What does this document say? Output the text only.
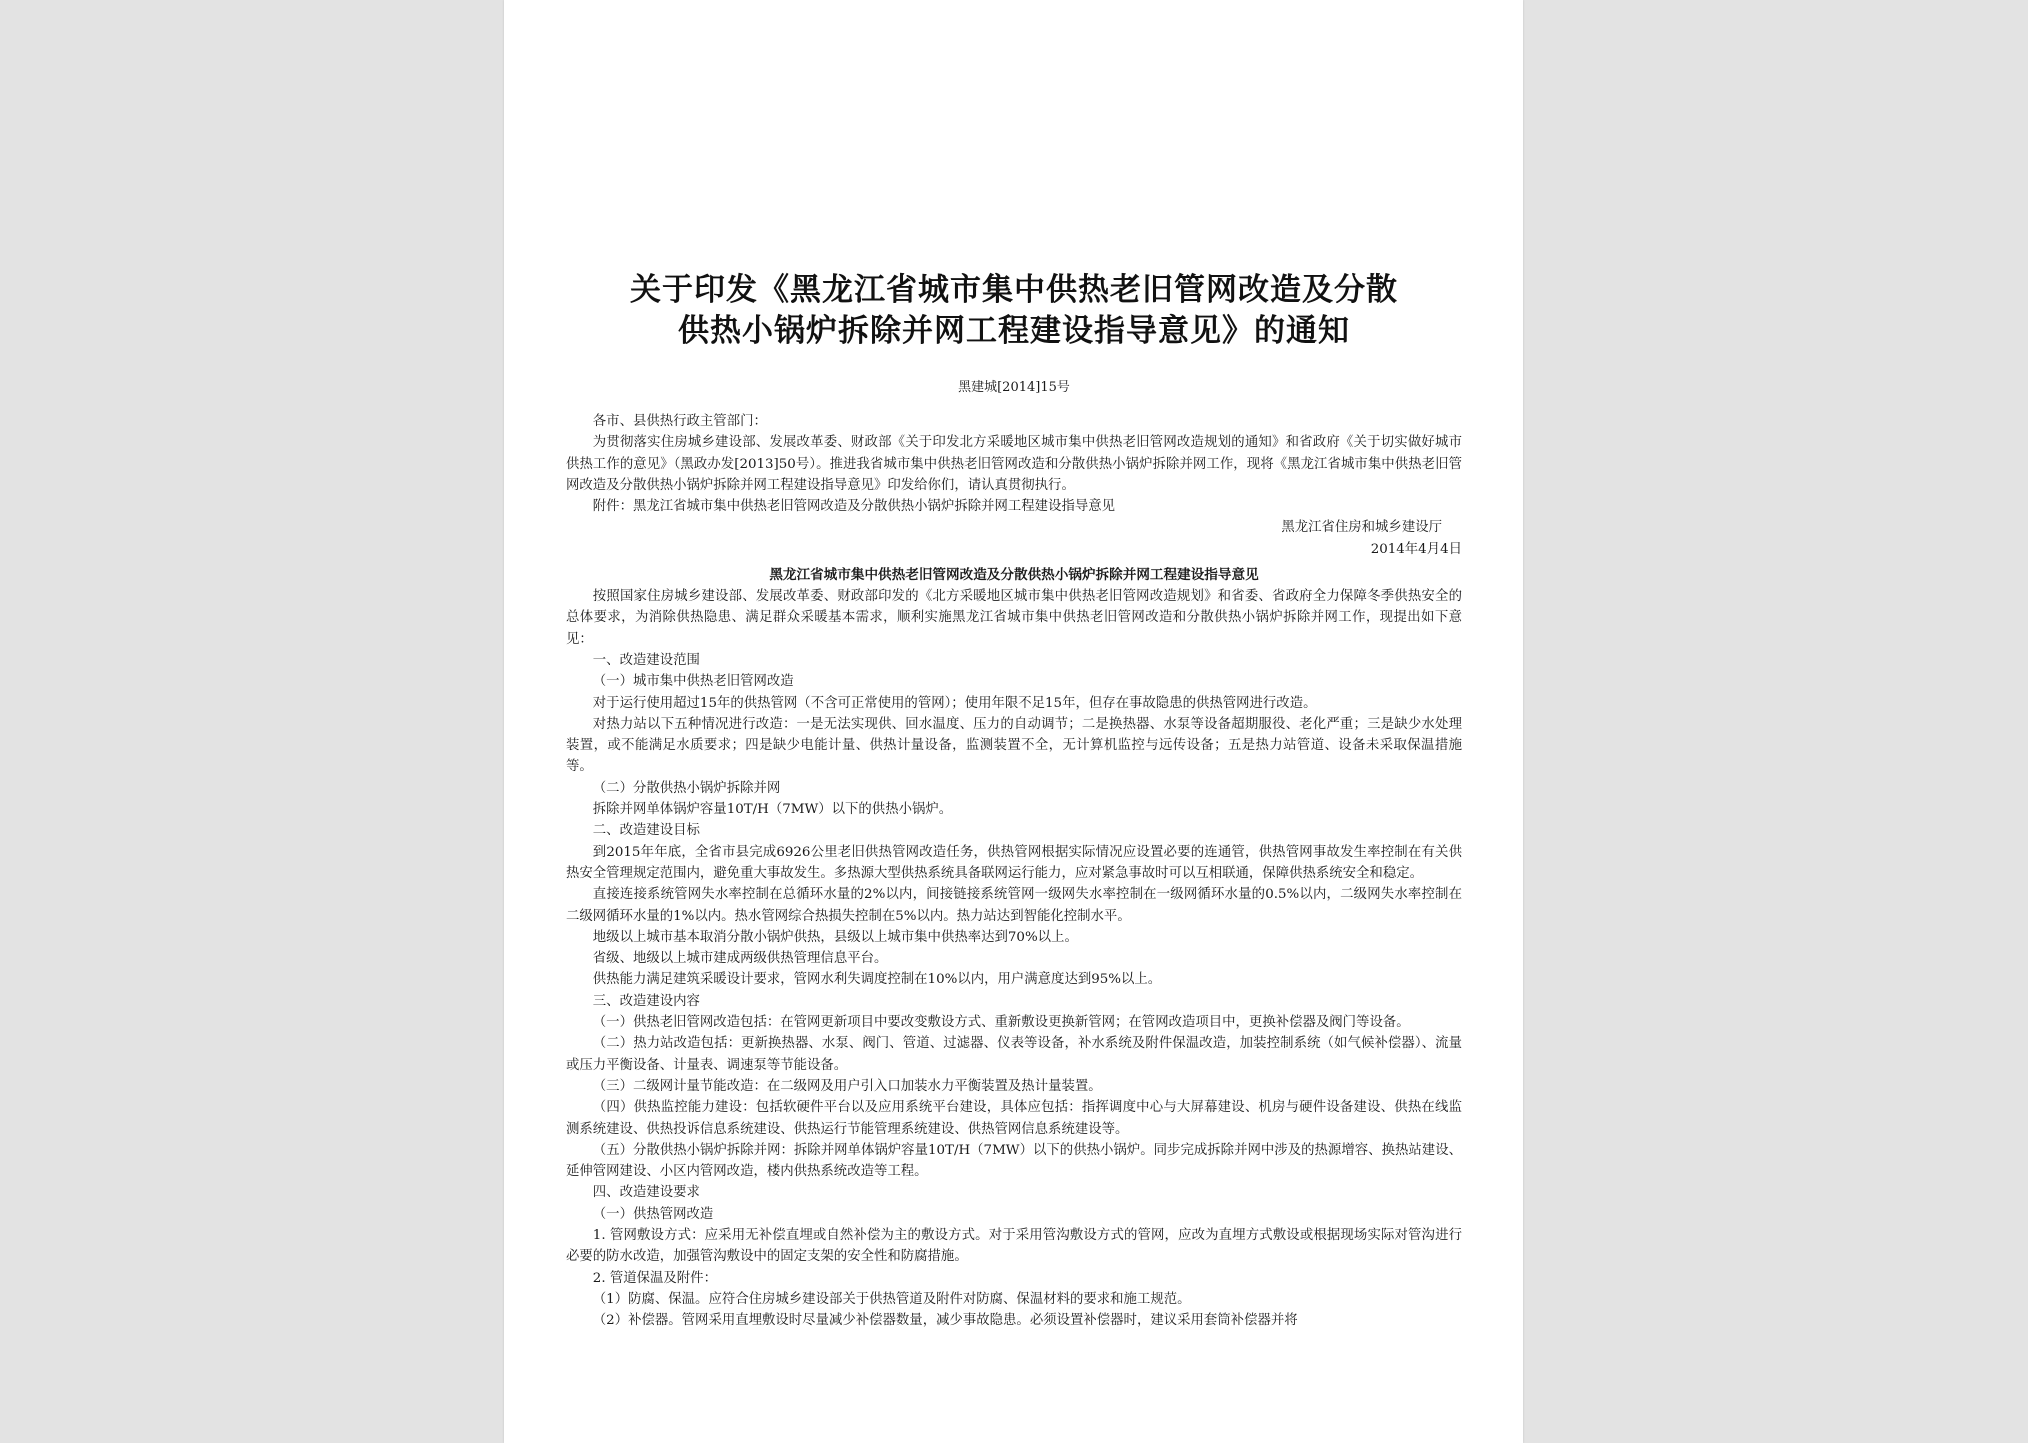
关于印发《黑龙江省城市集中供热老旧管网改造及分散
供热小锅炉拆除并网工程建设指导意见》的通知
黑建城[2014]15号

各市、县供热行政主管部门：

为贯彻落实住房城乡建设部、发展改革委、财政部《关于印发北方采暖地区城市集中供热老旧管网改造规划的通知》和省政府《关于切实做好城市供热工作的意见》（黑政办发[2013]50号）。推进我省城市集中供热老旧管网改造和分散供热小锅炉拆除并网工作，现将《黑龙江省城市集中供热老旧管网改造及分散供热小锅炉拆除并网工程建设指导意见》印发给你们，请认真贯彻执行。

附件：黑龙江省城市集中供热老旧管网改造及分散供热小锅炉拆除并网工程建设指导意见

黑龙江省住房和城乡建设厅

2014年4月4日

黑龙江省城市集中供热老旧管网改造及分散供热小锅炉拆除并网工程建设指导意见

按照国家住房城乡建设部、发展改革委、财政部印发的《北方采暖地区城市集中供热老旧管网改造规划》和省委、省政府全力保障冬季供热安全的总体要求，为消除供热隐患、满足群众采暖基本需求，顺利实施黑龙江省城市集中供热老旧管网改造和分散供热小锅炉拆除并网工作，现提出如下意见：

一、改造建设范围

（一）城市集中供热老旧管网改造

对于运行使用超过15年的供热管网（不含可正常使用的管网）；使用年限不足15年，但存在事故隐患的供热管网进行改造。

对热力站以下五种情况进行改造：一是无法实现供、回水温度、压力的自动调节；二是换热器、水泵等设备超期服役、老化严重；三是缺少水处理装置，或不能满足水质要求；四是缺少电能计量、供热计量设备，监测装置不全，无计算机监控与远传设备；五是热力站管道、设备未采取保温措施等。

（二）分散供热小锅炉拆除并网

拆除并网单体锅炉容量10T/H（7MW）以下的供热小锅炉。

二、改造建设目标

到2015年年底，全省市县完成6926公里老旧供热管网改造任务，供热管网根据实际情况应设置必要的连通管，供热管网事故发生率控制在有关供热安全管理规定范围内，避免重大事故发生。多热源大型供热系统具备联网运行能力，应对紧急事故时可以互相联通，保障供热系统安全和稳定。

直接连接系统管网失水率控制在总循环水量的2%以内，间接链接系统管网一级网失水率控制在一级网循环水量的0.5%以内，二级网失水率控制在二级网循环水量的1%以内。热水管网综合热损失控制在5%以内。热力站达到智能化控制水平。

地级以上城市基本取消分散小锅炉供热，县级以上城市集中供热率达到70%以上。

省级、地级以上城市建成两级供热管理信息平台。

供热能力满足建筑采暖设计要求，管网水利失调度控制在10%以内，用户满意度达到95%以上。

三、改造建设内容

（一）供热老旧管网改造包括：在管网更新项目中要改变敷设方式、重新敷设更换新管网；在管网改造项目中，更换补偿器及阀门等设备。

（二）热力站改造包括：更新换热器、水泵、阀门、管道、过滤器、仪表等设备，补水系统及附件保温改造，加装控制系统（如气候补偿器）、流量或压力平衡设备、计量表、调速泵等节能设备。

（三）二级网计量节能改造：在二级网及用户引入口加装水力平衡装置及热计量装置。

（四）供热监控能力建设：包括软硬件平台以及应用系统平台建设，具体应包括：指挥调度中心与大屏幕建设、机房与硬件设备建设、供热在线监测系统建设、供热投诉信息系统建设、供热运行节能管理系统建设、供热管网信息系统建设等。

（五）分散供热小锅炉拆除并网：拆除并网单体锅炉容量10T/H（7MW）以下的供热小锅炉。同步完成拆除并网中涉及的热源增容、换热站建设、延伸管网建设、小区内管网改造，楼内供热系统改造等工程。

四、改造建设要求

（一）供热管网改造

1. 管网敷设方式：应采用无补偿直埋或自然补偿为主的敷设方式。对于采用管沟敷设方式的管网，应改为直埋方式敷设或根据现场实际对管沟进行必要的防水改造，加强管沟敷设中的固定支架的安全性和防腐措施。

2. 管道保温及附件：

（1）防腐、保温。应符合住房城乡建设部关于供热管道及附件对防腐、保温材料的要求和施工规范。

（2）补偿器。管网采用直埋敷设时尽量减少补偿器数量，减少事故隐患。必须设置补偿器时，建议采用套筒补偿器并将
